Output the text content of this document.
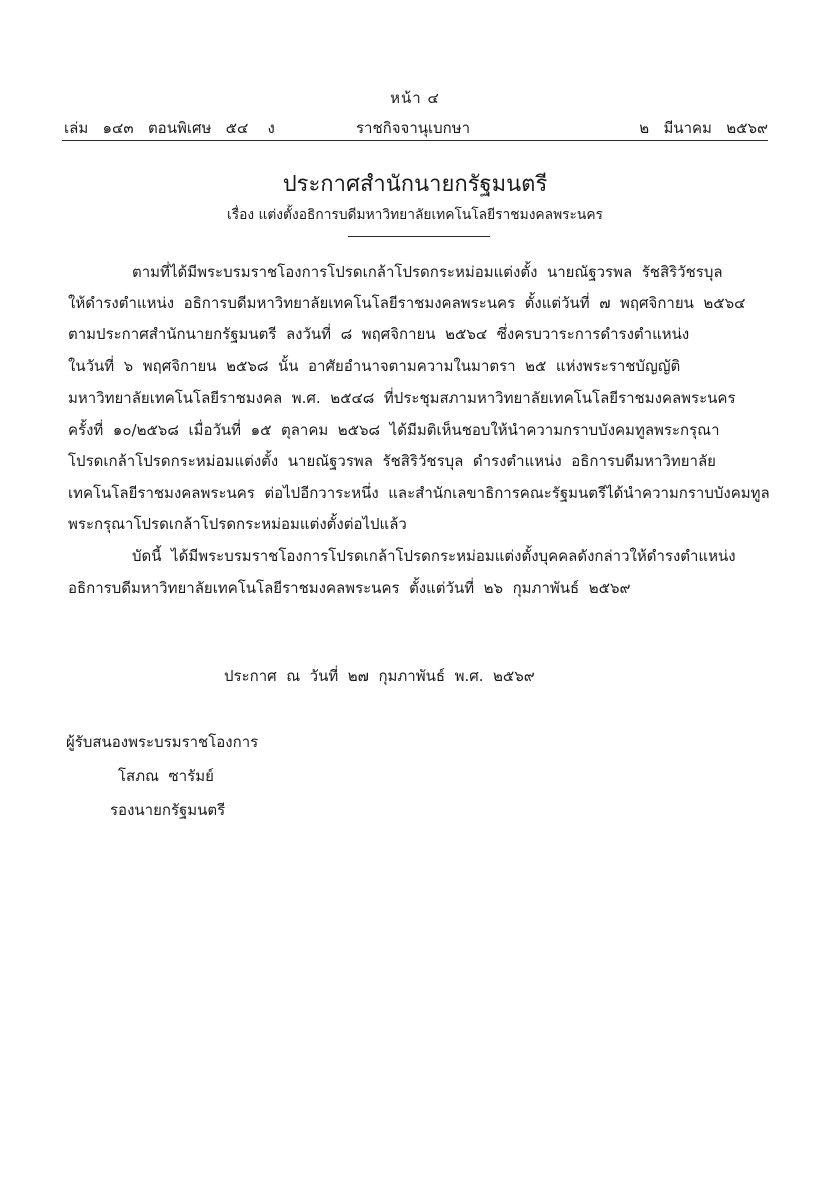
หน้า ๔
เล่ม   ๑๔๓   ตอนพิเศษ   ๕๔    ง	ราชกิจจานุเบกษา	๒   มีนาคม   ๒๕๖๙
ประกาศสำนักนายกรัฐมนตรี
เรื่อง แต่งตั้งอธิการบดีมหาวิทยาลัยเทคโนโลยีราชมงคลพระนคร
ตามที่ได้มีพระบรมราชโองการโปรดเกล้าโปรดกระหม่อมแต่งตั้ง  นายณัฐวรพล  รัชสิริวัชรบุล
ให้ดำรงตำแหน่ง  อธิการบดีมหาวิทยาลัยเทคโนโลยีราชมงคลพระนคร  ตั้งแต่วันที่  ๗  พฤศจิกายน  ๒๕๖๔
ตามประกาศสำนักนายกรัฐมนตรี  ลงวันที่  ๘  พฤศจิกายน  ๒๕๖๔  ซึ่งครบวาระการดำรงตำแหน่ง
ในวันที่  ๖  พฤศจิกายน  ๒๕๖๘  นั้น  อาศัยอำนาจตามความในมาตรา  ๒๕  แห่งพระราชบัญญัติ
มหาวิทยาลัยเทคโนโลยีราชมงคล  พ.ศ.  ๒๕๔๘  ที่ประชุมสภามหาวิทยาลัยเทคโนโลยีราชมงคลพระนคร
ครั้งที่  ๑๐/๒๕๖๘  เมื่อวันที่  ๑๕  ตุลาคม  ๒๕๖๘  ได้มีมติเห็นชอบให้นำความกราบบังคมทูลพระกรุณา
โปรดเกล้าโปรดกระหม่อมแต่งตั้ง  นายณัฐวรพล  รัชสิริวัชรบุล  ดำรงตำแหน่ง  อธิการบดีมหาวิทยาลัย
เทคโนโลยีราชมงคลพระนคร  ต่อไปอีกวาระหนึ่ง  และสำนักเลขาธิการคณะรัฐมนตรีได้นำความกราบบังคมทูล
พระกรุณาโปรดเกล้าโปรดกระหม่อมแต่งตั้งต่อไปแล้ว
บัดนี้  ได้มีพระบรมราชโองการโปรดเกล้าโปรดกระหม่อมแต่งตั้งบุคคลดังกล่าวให้ดำรงตำแหน่ง
อธิการบดีมหาวิทยาลัยเทคโนโลยีราชมงคลพระนคร  ตั้งแต่วันที่  ๒๖  กุมภาพันธ์  ๒๕๖๙
ประกาศ  ณ  วันที่  ๒๗  กุมภาพันธ์  พ.ศ.  ๒๕๖๙
ผู้รับสนองพระบรมราชโองการ
โสภณ  ซารัมย์
รองนายกรัฐมนตรี
